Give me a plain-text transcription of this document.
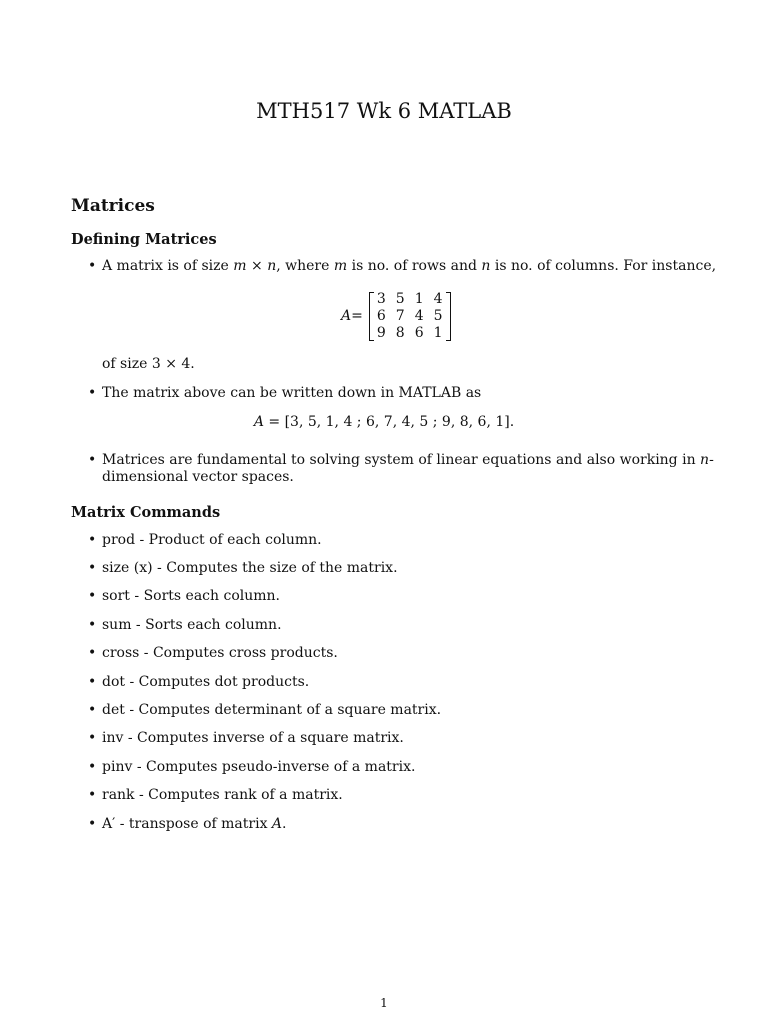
MTH517 Wk 6 MATLAB
Matrices
Defining Matrices
• A matrix is of size m × n, where m is no. of rows and n is no. of columns. For instance,
A =
3	5	1	4
6	7	4	5
9	8	6	1
of size 3 × 4.
• The matrix above can be written down in MATLAB as
A = [3, 5, 1, 4 ; 6, 7, 4, 5 ; 9, 8, 6, 1].
• Matrices are fundamental to solving system of linear equations and also working in n-dimensional vector spaces.
Matrix Commands
• prod - Product of each column.
• size (x) - Computes the size of the matrix.
• sort - Sorts each column.
• sum - Sorts each column.
• cross - Computes cross products.
• dot - Computes dot products.
• det - Computes determinant of a square matrix.
• inv - Computes inverse of a square matrix.
• pinv - Computes pseudo-inverse of a matrix.
• rank - Computes rank of a matrix.
• A′ - transpose of matrix A.
1
